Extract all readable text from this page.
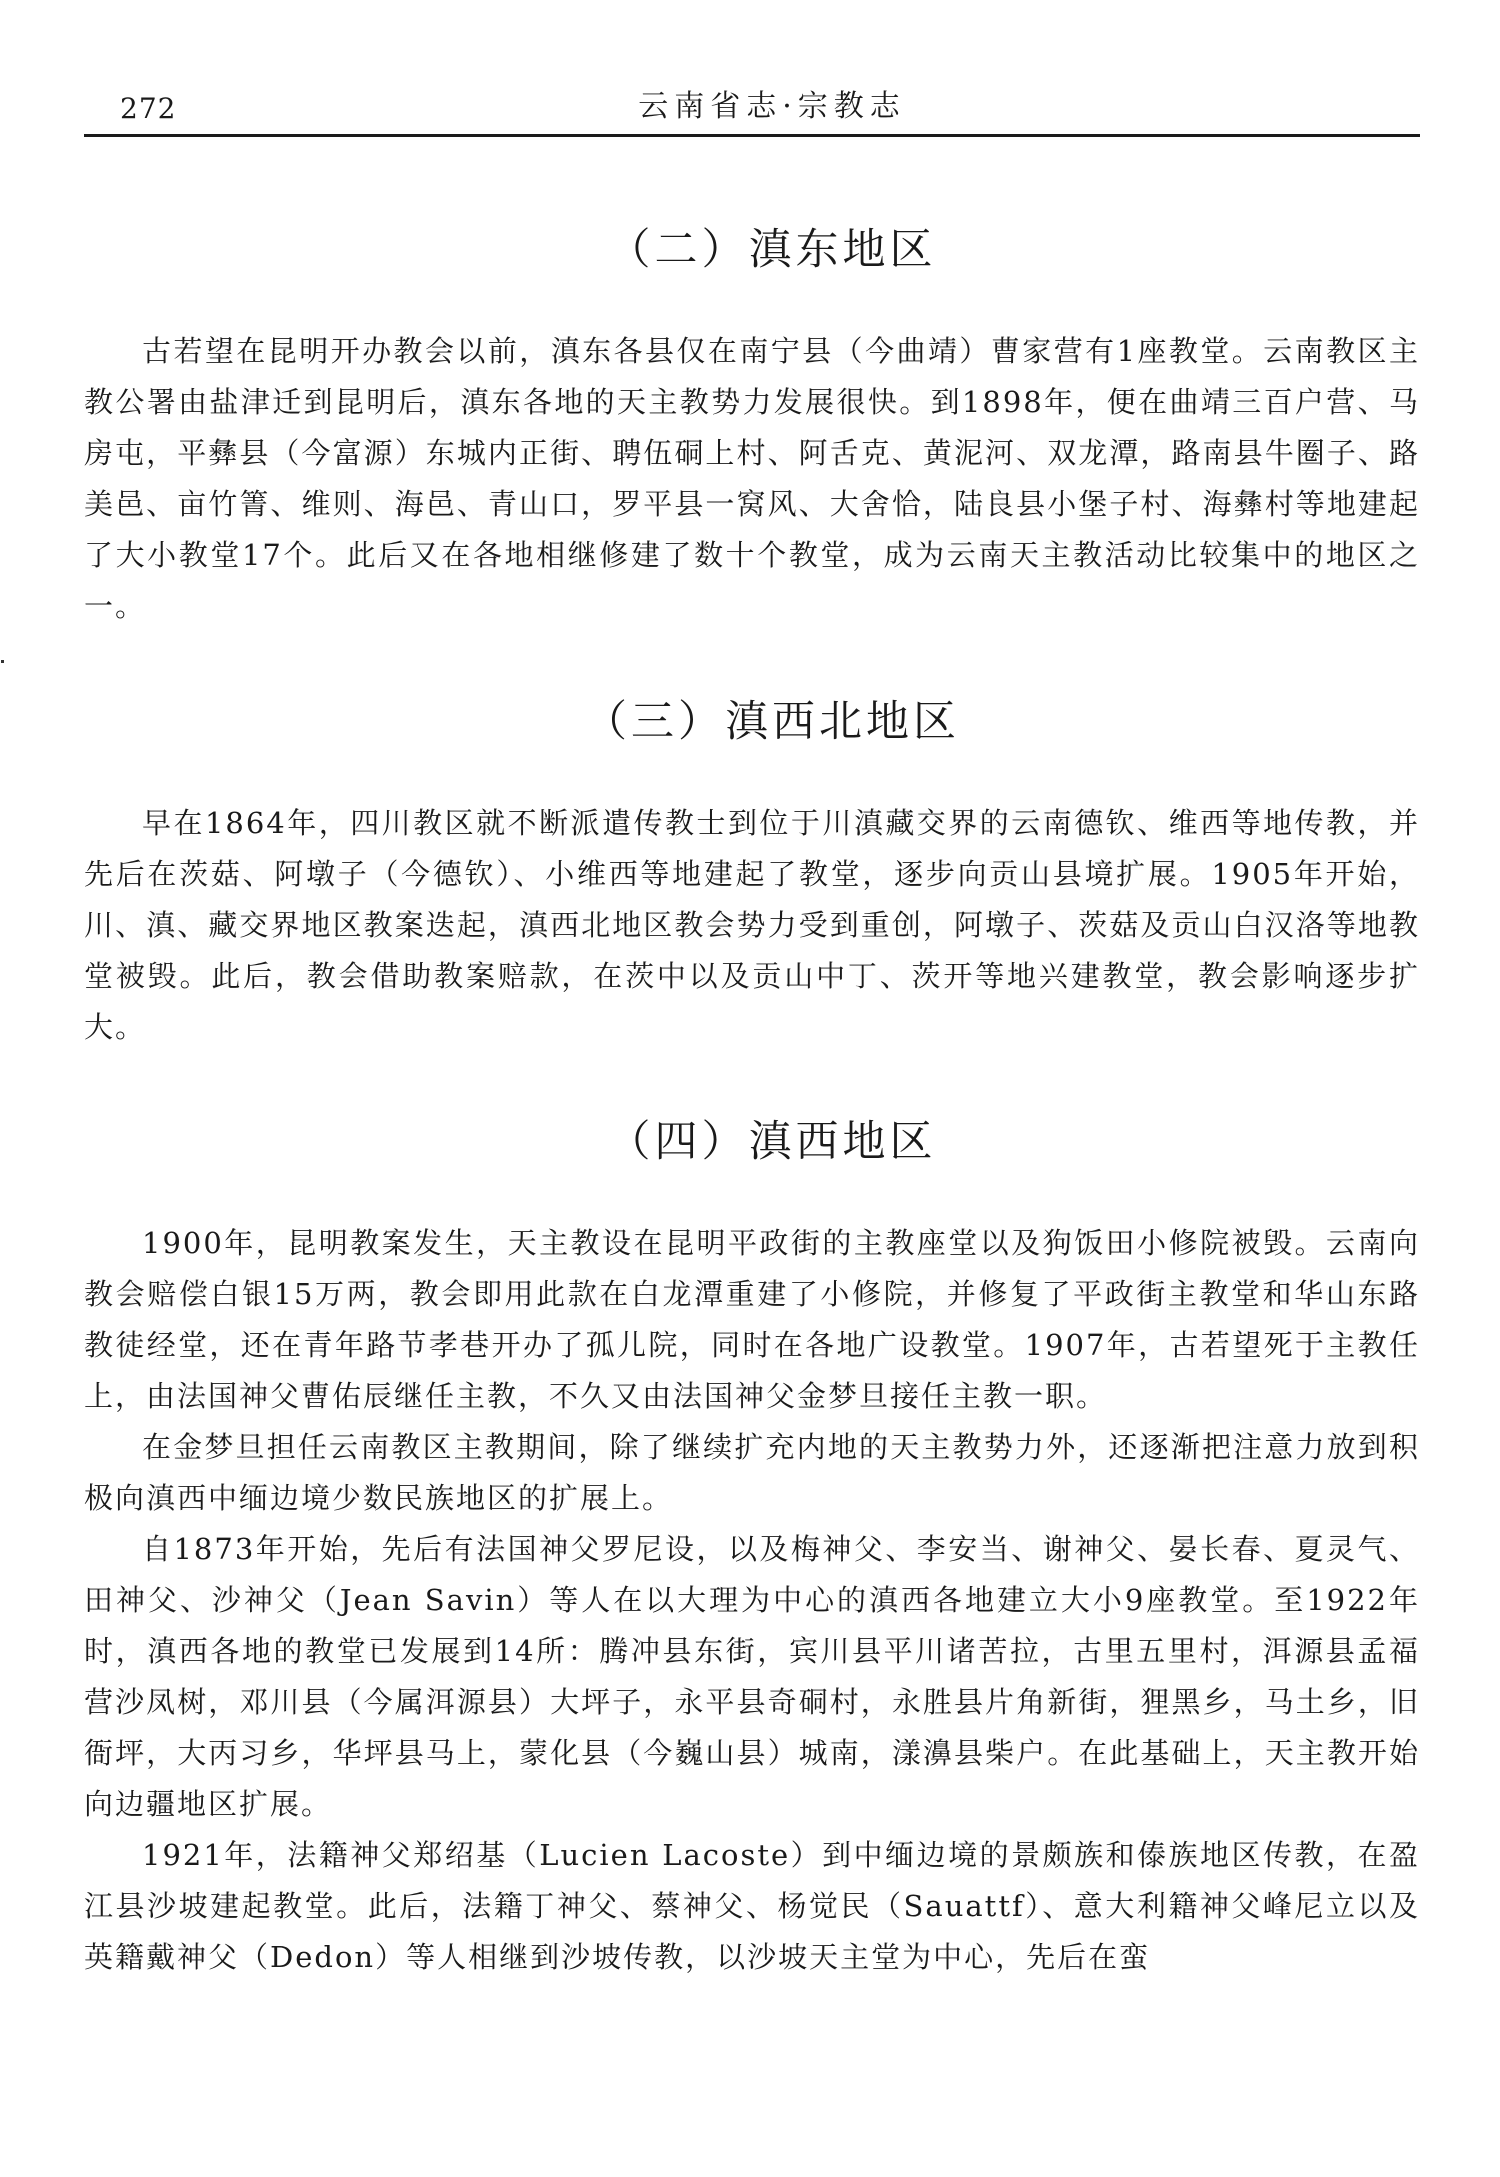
272	云南省志·宗教志
（二）滇东地区

古若望在昆明开办教会以前，滇东各县仅在南宁县（今曲靖）曹家营有1座教堂。云南教区主教公署由盐津迁到昆明后，滇东各地的天主教势力发展很快。到1898年，便在曲靖三百户营、马房屯，平彝县（今富源）东城内正街、聘伍硐上村、阿舌克、黄泥河、双龙潭，路南县牛圈子、路美邑、亩竹箐、维则、海邑、青山口，罗平县一窝风、大舍恰，陆良县小堡子村、海彝村等地建起了大小教堂17个。此后又在各地相继修建了数十个教堂，成为云南天主教活动比较集中的地区之一。

（三）滇西北地区

早在1864年，四川教区就不断派遣传教士到位于川滇藏交界的云南德钦、维西等地传教，并先后在茨菇、阿墩子（今德钦）、小维西等地建起了教堂，逐步向贡山县境扩展。1905年开始，川、滇、藏交界地区教案迭起，滇西北地区教会势力受到重创，阿墩子、茨菇及贡山白汉洛等地教堂被毁。此后，教会借助教案赔款，在茨中以及贡山中丁、茨开等地兴建教堂，教会影响逐步扩大。

（四）滇西地区

1900年，昆明教案发生，天主教设在昆明平政街的主教座堂以及狗饭田小修院被毁。云南向教会赔偿白银15万两，教会即用此款在白龙潭重建了小修院，并修复了平政街主教堂和华山东路教徒经堂，还在青年路节孝巷开办了孤儿院，同时在各地广设教堂。1907年，古若望死于主教任上，由法国神父曹佑辰继任主教，不久又由法国神父金梦旦接任主教一职。

在金梦旦担任云南教区主教期间，除了继续扩充内地的天主教势力外，还逐渐把注意力放到积极向滇西中缅边境少数民族地区的扩展上。

自1873年开始，先后有法国神父罗尼设，以及梅神父、李安当、谢神父、晏长春、夏灵气、田神父、沙神父（Jean Savin）等人在以大理为中心的滇西各地建立大小9座教堂。至1922年时，滇西各地的教堂已发展到14所：腾冲县东街，宾川县平川诸苦拉，古里五里村，洱源县孟福营沙凤树，邓川县（今属洱源县）大坪子，永平县奇硐村，永胜县片角新街，狸黑乡，马土乡，旧衙坪，大丙习乡，华坪县马上，蒙化县（今巍山县）城南，漾濞县柴户。在此基础上，天主教开始向边疆地区扩展。

1921年，法籍神父郑绍基（Lucien Lacoste）到中缅边境的景颇族和傣族地区传教，在盈江县沙坡建起教堂。此后，法籍丁神父、蔡神父、杨觉民（Sauattf）、意大利籍神父峰尼立以及英籍戴神父（Dedon）等人相继到沙坡传教，以沙坡天主堂为中心，先后在蛮
